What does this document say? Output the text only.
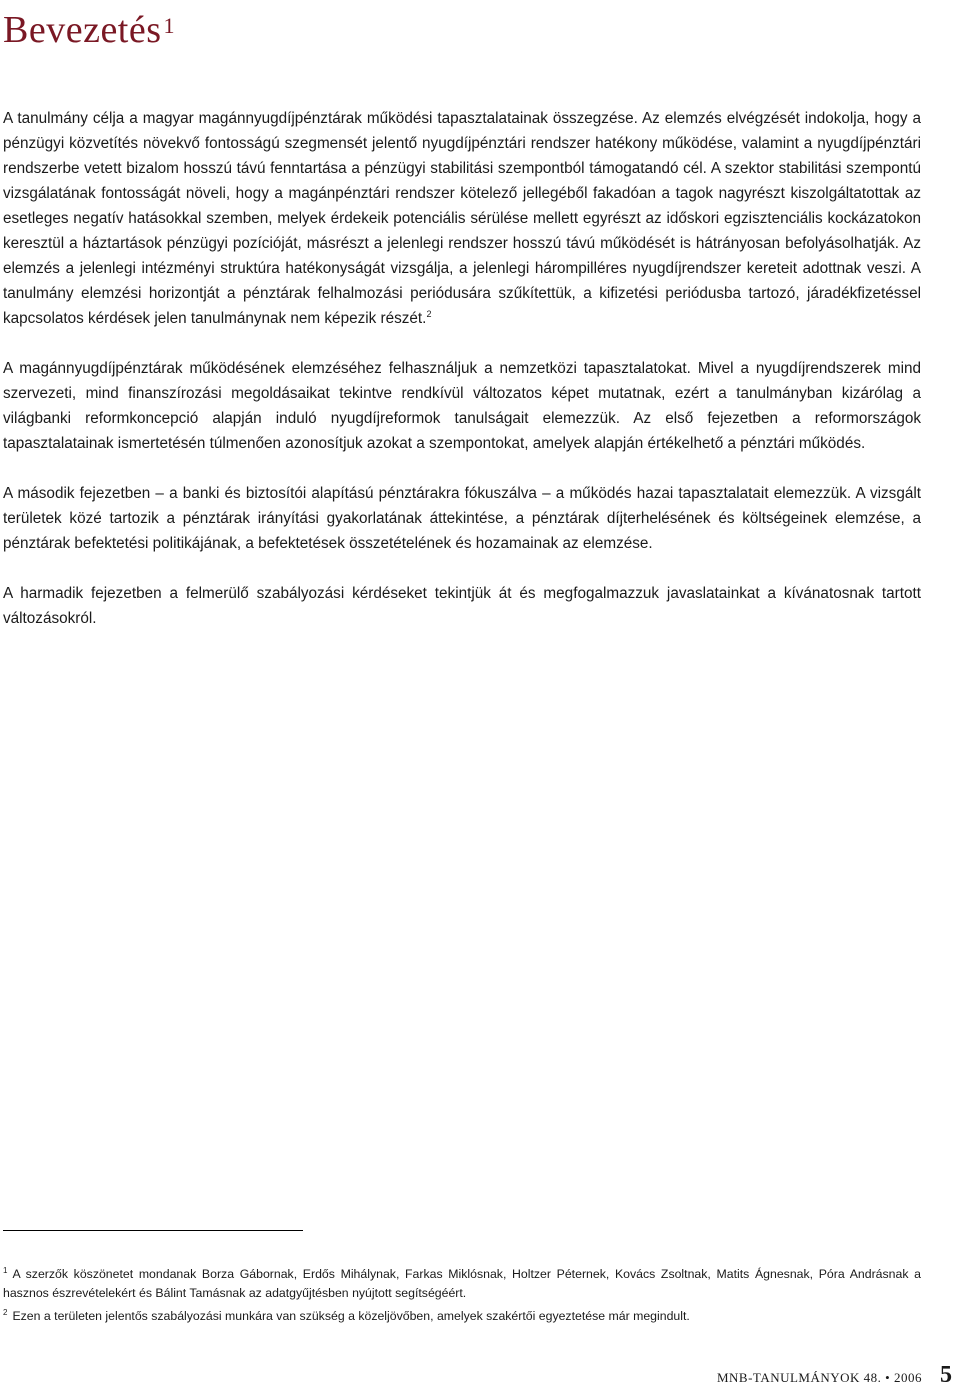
Bevezetés$^1$

A tanulmány célja a magyar magánnyugdíjpénztárak működési tapasztalatainak összegzése. Az elemzés elvégzését indokolja, hogy a pénzügyi közvetítés növekvő fontosságú szegmensét jelentő nyugdíjpénztári rendszer hatékony működése, valamint a nyugdíjpénztári rendszerbe vetett bizalom hosszú távú fenntartása a pénzügyi stabilitási szempontból támogatandó cél. A szektor stabilitási szempontú vizsgálatának fontosságát növeli, hogy a magánpénztári rendszer kötelező jellegéből fakadóan a tagok nagyrészt kiszolgáltatottak az esetleges negatív hatásokkal szemben, melyek érdekeik potenciális sérülése mellett egyrészt az időskori egzisztenciális kockázatokon keresztül a háztartások pénzügyi pozícióját, másrészt a jelenlegi rendszer hosszú távú működését is hátrányosan befolyásolhatják. Az elemzés a jelenlegi intézményi struktúra hatékonyságát vizsgálja, a jelenlegi hárompilléres nyugdíjrendszer kereteit adottnak veszi. A tanulmány elemzési horizontját a pénztárak felhalmozási periódusára szűkítettük, a kifizetési periódusba tartozó, járadékfizetéssel kapcsolatos kérdések jelen tanulmánynak nem képezik részét.$^2$

A magánnyugdíjpénztárak működésének elemzéséhez felhasználjuk a nemzetközi tapasztalatokat. Mivel a nyugdíjrendszerek mind szervezeti, mind finanszírozási megoldásaikat tekintve rendkívül változatos képet mutatnak, ezért a tanulmányban kizárólag a világbanki reformkoncepció alapján induló nyugdíjreformok tanulságait elemezzük. Az első fejezetben a reformországok tapasztalatainak ismertetésén túlmenően azonosítjuk azokat a szempontokat, amelyek alapján értékelhető a pénztári működés.

A második fejezetben – a banki és biztosítói alapítású pénztárakra fókuszálva – a működés hazai tapasztalatait elemezzük. A vizsgált területek közé tartozik a pénztárak irányítási gyakorlatának áttekintése, a pénztárak díjterhelésének és költségeinek elemzése, a pénztárak befektetési politikájának, a befektetések összetételének és hozamainak az elemzése.

A harmadik fejezetben a felmerülő szabályozási kérdéseket tekintjük át és megfogalmazzuk javaslatainkat a kívánatosnak tartott változásokról.

$^1$ A szerzők köszönetet mondanak Borza Gábornak, Erdős Mihálynak, Farkas Miklósnak, Holtzer Péternek, Kovács Zsoltnak, Matits Ágnesnak, Póra Andrásnak a hasznos észrevételekért és Bálint Tamásnak az adatgyűjtésben nyújtott segítségéért.

$^2$ Ezen a területen jelentős szabályozási munkára van szükség a közeljövőben, amelyek szakértői egyeztetése már megindult.

MNB-TANULMÁNYOK 48. • 2006 5
